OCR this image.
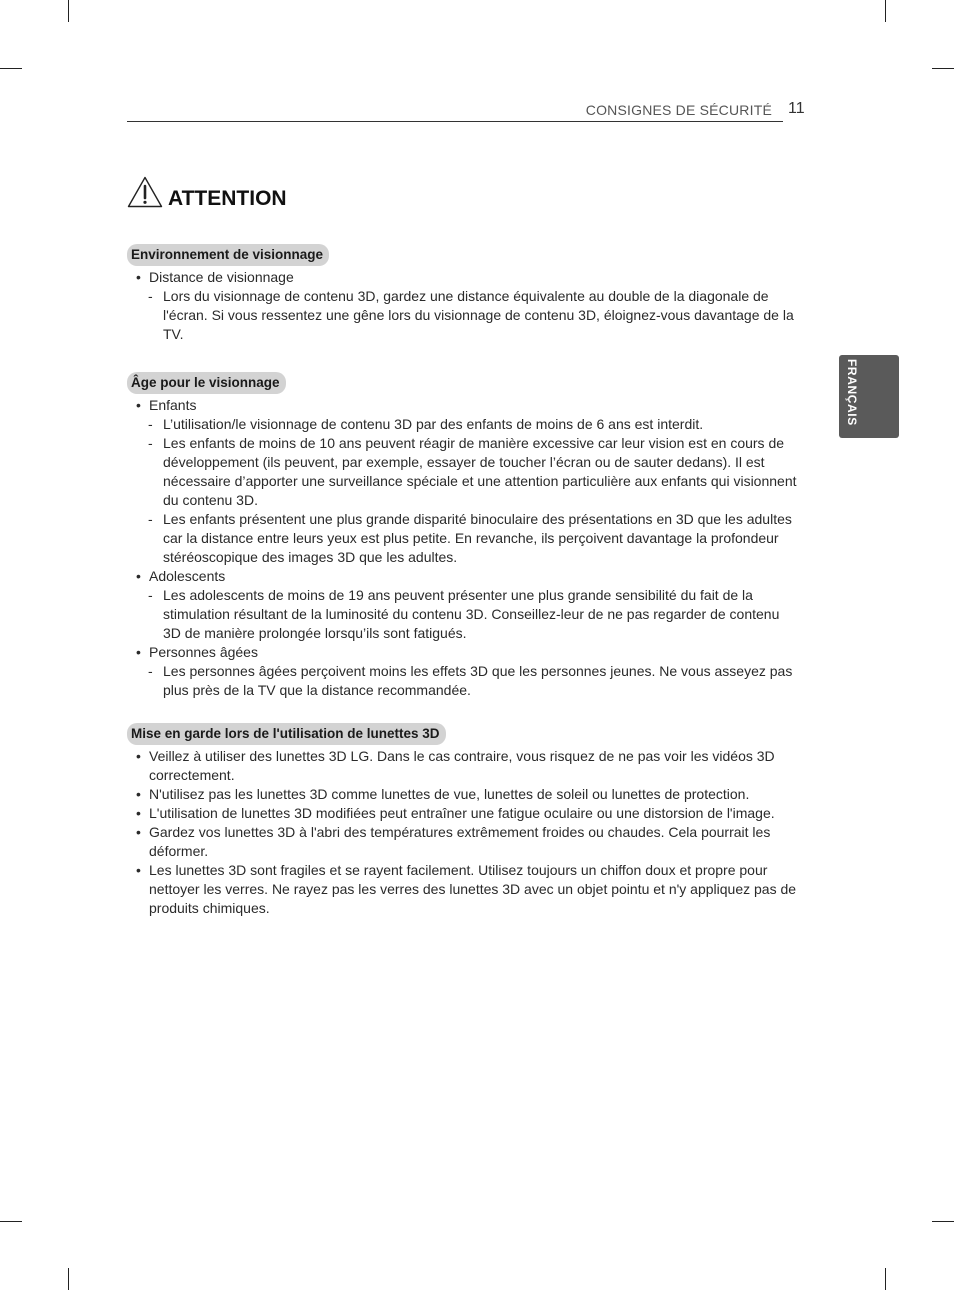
CONSIGNES DE SÉCURITÉ 11
FRANÇAIS
ATTENTION
Environnement de visionnage
• Distance de visionnage
- Lors du visionnage de contenu 3D, gardez une distance équivalente au double de la diagonale de l'écran. Si vous ressentez une gêne lors du visionnage de contenu 3D, éloignez-vous davantage de la TV.
Âge pour le visionnage
• Enfants
- L’utilisation/le visionnage de contenu 3D par des enfants de moins de 6 ans est interdit.
- Les enfants de moins de 10 ans peuvent réagir de manière excessive car leur vision est en cours de développement (ils peuvent, par exemple, essayer de toucher l’écran ou de sauter dedans). Il est nécessaire d’apporter une surveillance spéciale et une attention particulière aux enfants qui visionnent du contenu 3D.
- Les enfants présentent une plus grande disparité binoculaire des présentations en 3D que les adultes car la distance entre leurs yeux est plus petite. En revanche, ils perçoivent davantage la profondeur stéréoscopique des images 3D que les adultes.
• Adolescents
- Les adolescents de moins de 19 ans peuvent présenter une plus grande sensibilité du fait de la stimulation résultant de la luminosité du contenu 3D. Conseillez-leur de ne pas regarder de contenu 3D de manière prolongée lorsqu’ils sont fatigués.
• Personnes âgées
- Les personnes âgées perçoivent moins les effets 3D que les personnes jeunes. Ne vous asseyez pas plus près de la TV que la distance recommandée.
Mise en garde lors de l'utilisation de lunettes 3D
• Veillez à utiliser des lunettes 3D LG. Dans le cas contraire, vous risquez de ne pas voir les vidéos 3D correctement.
• N'utilisez pas les lunettes 3D comme lunettes de vue, lunettes de soleil ou lunettes de protection.
• L'utilisation de lunettes 3D modifiées peut entraîner une fatigue oculaire ou une distorsion de l'image.
• Gardez vos lunettes 3D à l'abri des températures extrêmement froides ou chaudes. Cela pourrait les déformer.
• Les lunettes 3D sont fragiles et se rayent facilement. Utilisez toujours un chiffon doux et propre pour nettoyer les verres. Ne rayez pas les verres des lunettes 3D avec un objet pointu et n'y appliquez pas de produits chimiques.
